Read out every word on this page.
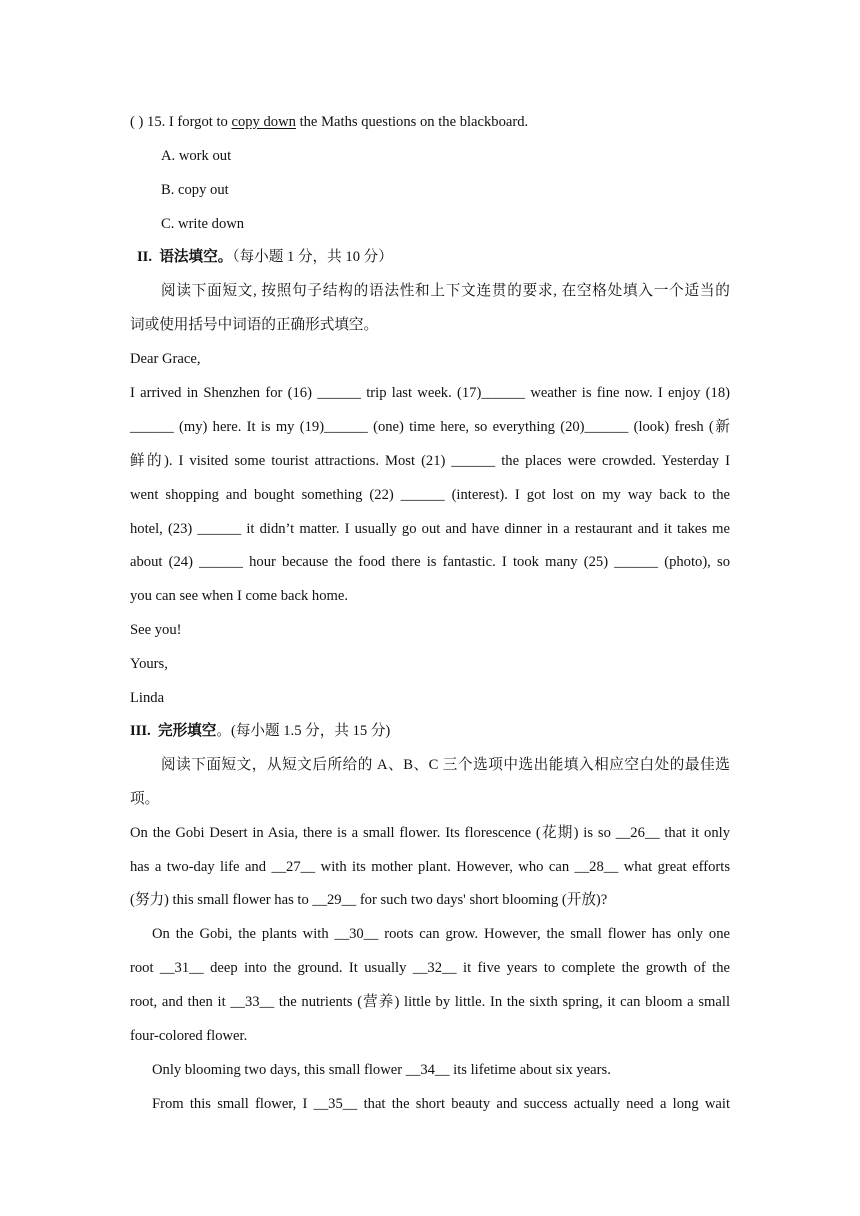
( ) 15. I forgot to copy down the Maths questions on the blackboard.
A. work out
B. copy out
C. write down
II. 语法填空。（每小题 1 分，共 10 分）
阅读下面短文, 按照句子结构的语法性和上下文连贯的要求, 在空格处填入一个适当的
词或使用括号中词语的正确形式填空。
Dear Grace,
I arrived in Shenzhen for (16) ______ trip last week. (17)______ weather is fine now. I enjoy (18)
______ (my) here. It is my (19)______ (one) time here, so everything (20)______ (look) fresh (新
鲜的). I visited some tourist attractions. Most (21) ______ the places were crowded. Yesterday I
went shopping and bought something (22) ______ (interest). I got lost on my way back to the
hotel, (23) ______ it didn’t matter. I usually go out and have dinner in a restaurant and it takes me
about (24) ______ hour because the food there is fantastic. I took many (25) ______ (photo), so
you can see when I come back home.
See you!
Yours,
Linda
III. 完形填空。(每小题 1.5 分，共 15 分)
阅读下面短文，从短文后所给的 A、B、C 三个选项中选出能填入相应空白处的最佳选
项。
On the Gobi Desert in Asia, there is a small flower. Its florescence (花期) is so __26__ that it only
has a two-day life and __27__ with its mother plant. However, who can __28__ what great efforts
(努力) this small flower has to __29__ for such two days' short blooming (开放)?
On the Gobi, the plants with __30__ roots can grow. However, the small flower has only one
root __31__ deep into the ground. It usually __32__ it five years to complete the growth of the
root, and then it __33__ the nutrients (营养) little by little. In the sixth spring, it can bloom a small
four-colored flower.
Only blooming two days, this small flower __34__ its lifetime about six years.
From this small flower, I __35__ that the short beauty and success actually need a long wait
